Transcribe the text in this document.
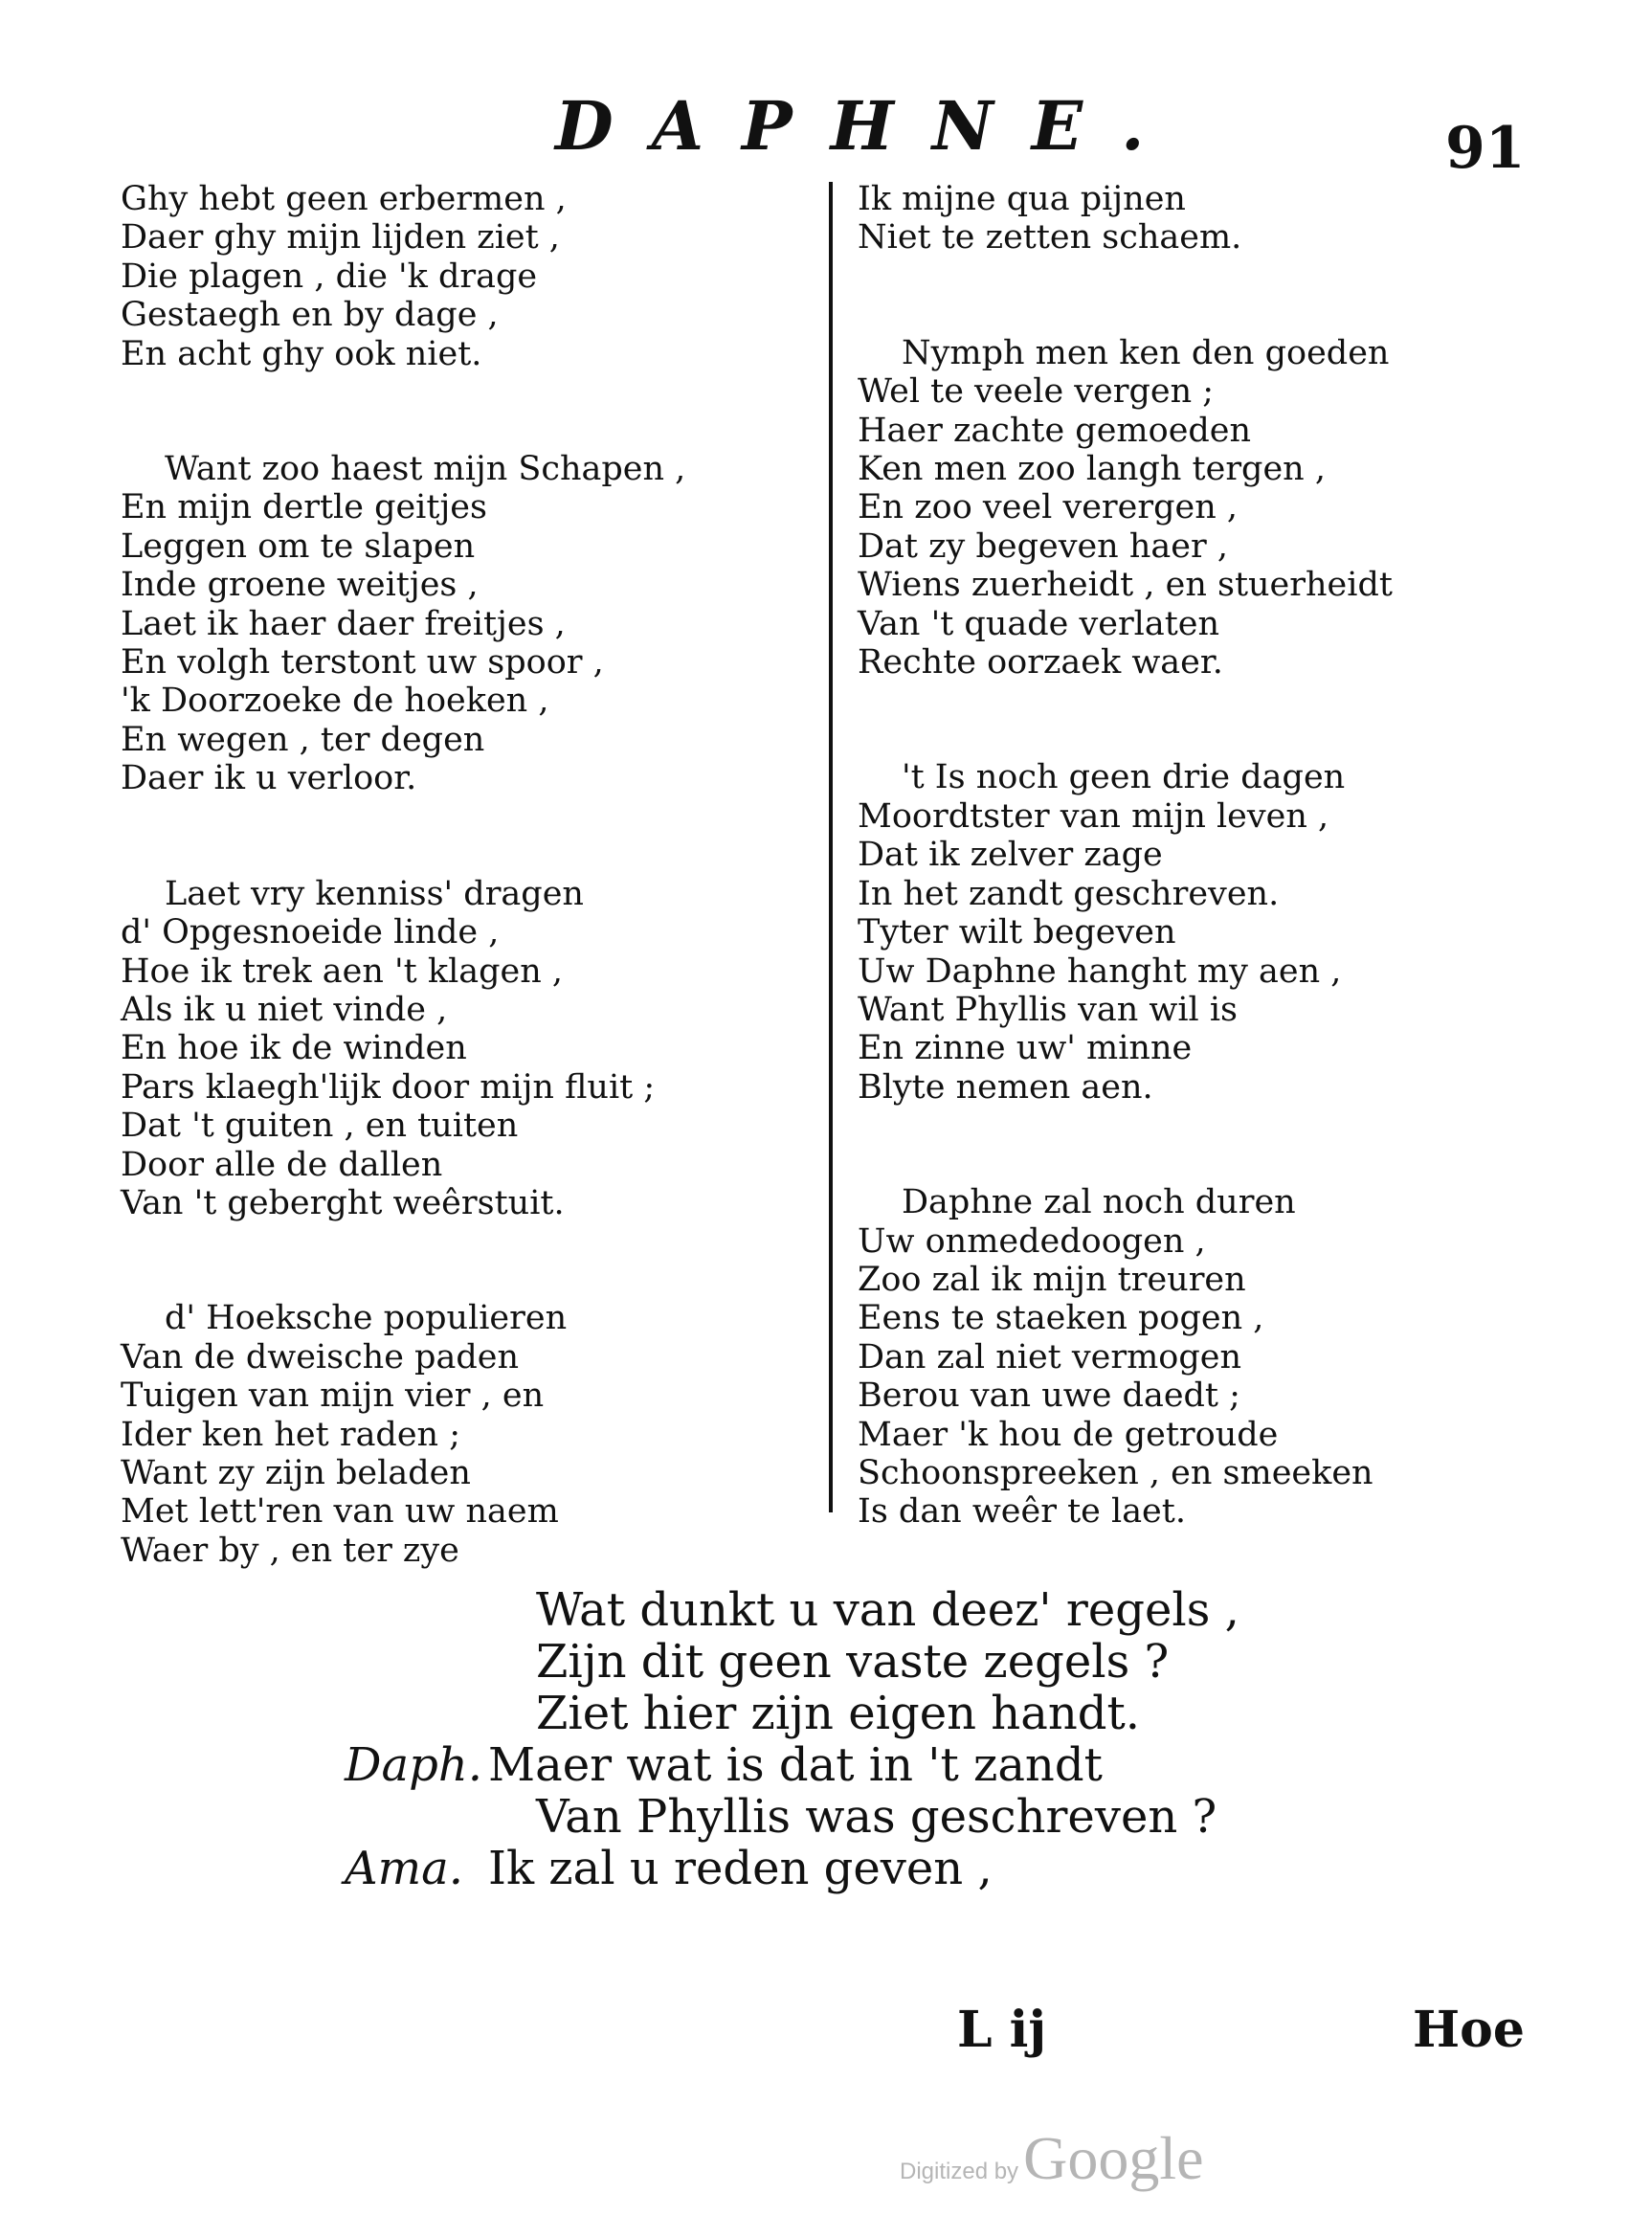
DAPHNE.	91
Ghy hebt geen erbermen ,
Daer ghy mijn lijden ziet ,
Die plagen , die 'k drage
Gestaegh en by dage ,
En acht ghy ook niet.
Want zoo haest mijn Schapen ,
En mijn dertle geitjes
Leggen om te slapen
Inde groene weitjes ,
Laet ik haer daer freitjes ,
En volgh terstont uw spoor ,
'k Doorzoeke de hoeken ,
En wegen , ter degen
Daer ik u verloor.
Laet vry kenniss' dragen
d' Opgesnoeide linde ,
Hoe ik trek aen 't klagen ,
Als ik u niet vinde ,
En hoe ik de winden
Pars klaegh'lijk door mijn fluit ;
Dat 't guiten , en tuiten
Door alle de dallen
Van 't geberght weêrstuit.
d' Hoeksche populieren
Van de dweische paden
Tuigen van mijn vier , en
Ider ken het raden ;
Want zy zijn beladen
Met lett'ren van uw naem
Waer by , en ter zye
Ik mijne qua pijnen
Niet te zetten schaem.
Nymph men ken den goeden
Wel te veele vergen ;
Haer zachte gemoeden
Ken men zoo langh tergen ,
En zoo veel verergen ,
Dat zy begeven haer ,
Wiens zuerheidt , en stuerheidt
Van 't quade verlaten
Rechte oorzaek waer.
't Is noch geen drie dagen
Moordtster van mijn leven ,
Dat ik zelver zage
In het zandt geschreven.
Tyter wilt begeven
Uw Daphne hanght my aen ,
Want Phyllis van wil is
En zinne uw' minne
Blyte nemen aen.
Daphne zal noch duren
Uw onmededoogen ,
Zoo zal ik mijn treuren
Eens te staeken pogen ,
Dan zal niet vermogen
Berou van uwe daedt ;
Maer 'k hou de getroude
Schoonspreeken , en smeeken
Is dan weêr te laet.
Wat dunkt u van deez' regels ,
Zijn dit geen vaste zegels ?
Ziet hier zijn eigen handt.
Daph. Maer wat is dat in 't zandt
Van Phyllis was geschreven ?
Ama. Ik zal u reden geven ,
L ij	Hoe
Digitized by Google
